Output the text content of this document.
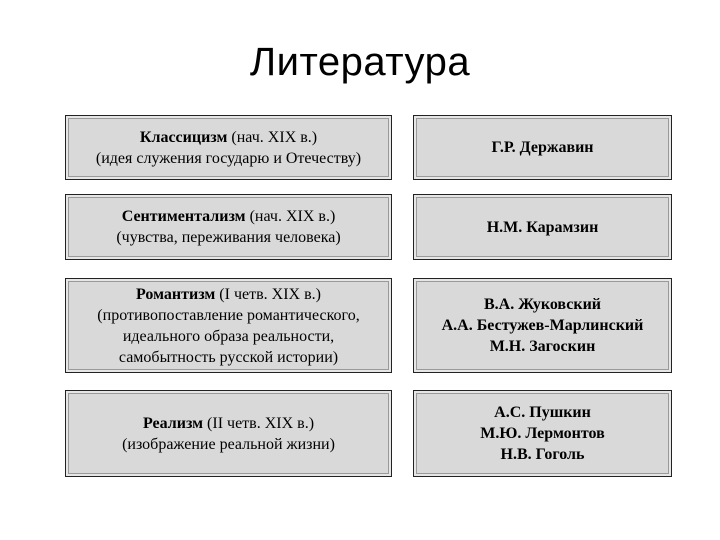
Литература
Классицизм (нач. XIX в.)
(идея служения государю и Отечеству)
Г.Р. Державин
Сентиментализм (нач. XIX в.)
(чувства, переживания человека)
Н.М. Карамзин
Романтизм (I четв. XIX в.)
(противопоставление романтического,
идеального образа реальности,
самобытность русской истории)
В.А. Жуковский
А.А. Бестужев-Марлинский
М.Н. Загоскин
Реализм (II четв. XIX в.)
(изображение реальной жизни)
А.С. Пушкин
М.Ю. Лермонтов
Н.В. Гоголь
